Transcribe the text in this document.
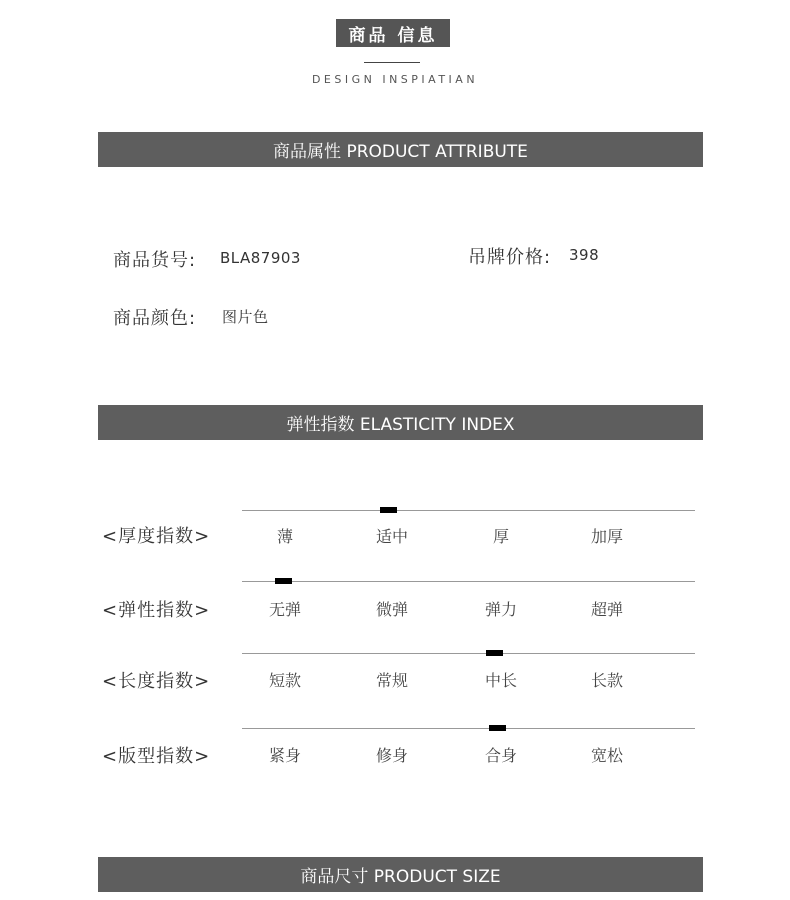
商品 信息
DESIGN INSPIATIAN
商品属性 PRODUCT ATTRIBUTE
商品货号: BLA87903	吊牌价格: 398
商品颜色: 图片色
弹性指数 ELASTICITY INDEX
<厚度指数>	薄	适中	厚	加厚
<弹性指数>	无弹	微弹	弹力	超弹
<长度指数>	短款	常规	中长	长款
<版型指数>	紧身	修身	合身	宽松
商品尺寸 PRODUCT SIZE
